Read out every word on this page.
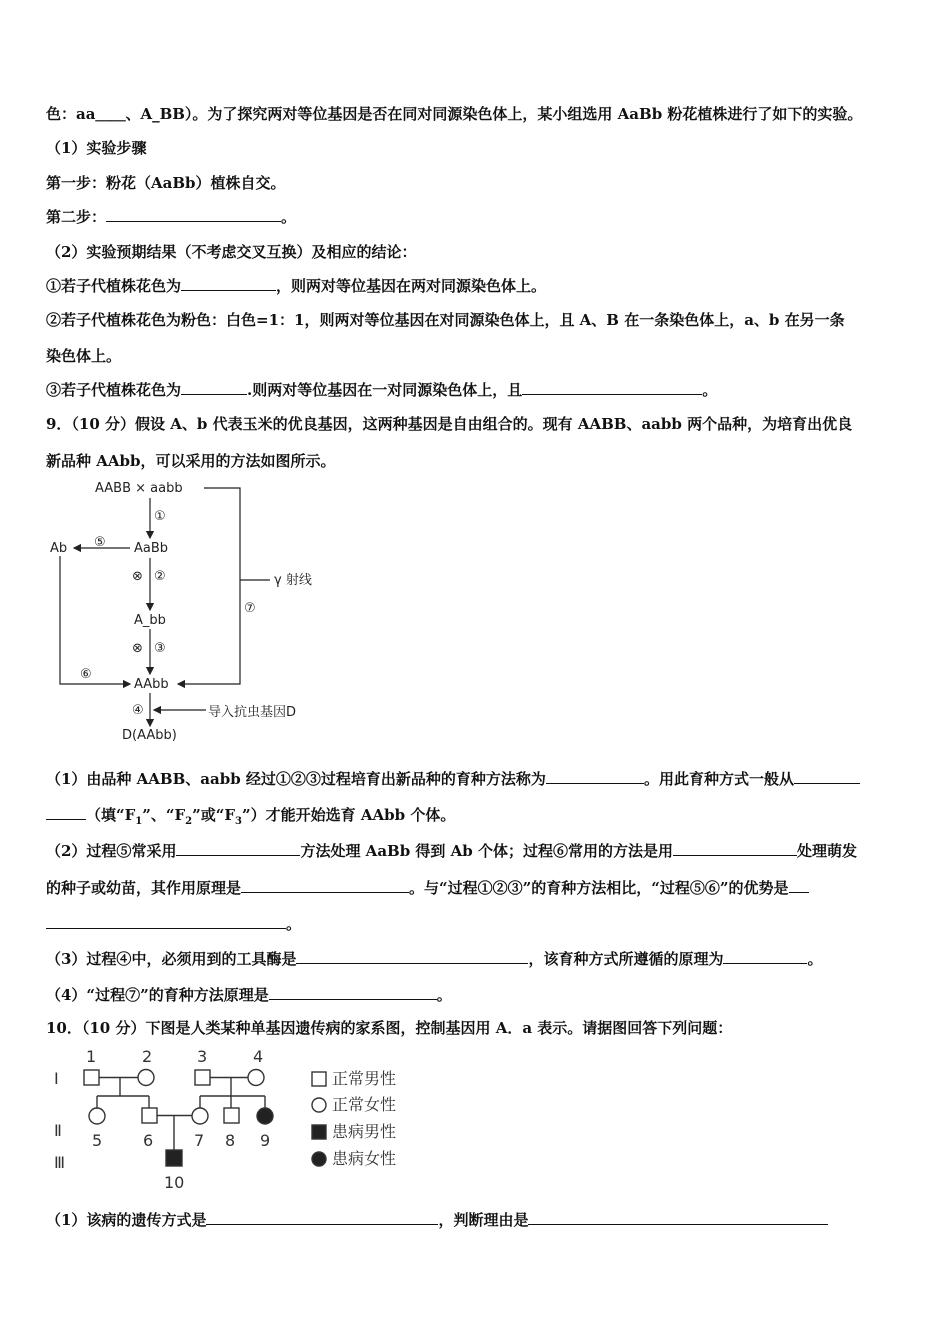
色：aa＿＿、A_BB）。为了探究两对等位基因是否在同对同源染色体上，某小组选用 AaBb 粉花植株进行了如下的实验。
（1）实验步骤
第一步：粉花（AaBb）植株自交。
第二步：	。
（2）实验预期结果（不考虑交叉互换）及相应的结论：
①若子代植株花色为	，则两对等位基因在两对同源染色体上。
②若子代植株花色为粉色：白色=1：1，则两对等位基因在对同源染色体上，且 A、B 在一条染色体上，a、b 在另一条
染色体上。
③若子代植株花色为	.则两对等位基因在一对同源染色体上，且	。
9．（10 分）假设 A、b 代表玉米的优良基因，这两种基因是自由组合的。现有 AABB、aabb 两个品种，为培育出优良
新品种 AAbb，可以采用的方法如图所示。
AABB × aabb
AaBb
Ab
A_bb
AAbb
D(AAbb)
γ 射线
导入抗虫基因D
①
②
⊗
③
⊗
④
⑤
⑥
⑦
（1）由品种 AABB、aabb 经过①②③过程培育出新品种的育种方法称为	。用此育种方式一般从
（填“$F_1$”、“$F_2$”或“$F_3$”）才能开始选育 AAbb 个体。
（2）过程⑤常采用	方法处理 AaBb 得到 Ab 个体；过程⑥常用的方法是用	处理萌发
的种子或幼苗，其作用原理是	。与“过程①②③”的育种方法相比，“过程⑤⑥”的优势是
。
（3）过程④中，必须用到的工具酶是	，该育种方式所遵循的原理为	。
（4）“过程⑦”的育种方法原理是	。
10．（10 分）下图是人类某种单基因遗传病的家系图，控制基因用 A．a 表示。请据图回答下列问题：
Ⅰ
Ⅱ
Ⅲ
1	2	3	4
5	6	7 8 9
10
正常男性
正常女性
患病男性
患病女性
（1）该病的遗传方式是	，判断理由是
